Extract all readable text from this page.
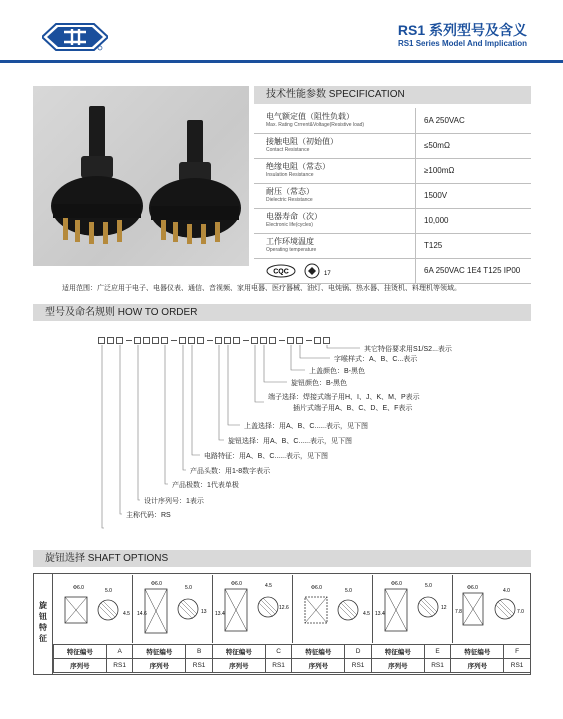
RS1 系列型号及含义
RS1 Series Model And Implication
技术性能参数 SPECIFICATION
电气额定值（阻性负载）
Max. Rating Crrrent&Voltage(Resistive load)	6A 250VAC

接触电阻（初始值）
Contact Resistance	≤50mΩ

绝缘电阻（常态）
Insulation Resistance	≥100mΩ

耐压（常态）
Dielectric Resistance	1500V

电器寿命（次）
Electronic life(cycles)	10,000

工作环境温度
Operating temperature	T125

CQC
17	6A 250VAC 1E4 T125 IP00
适用范围：广泛应用于电子、电器仪表、通信、音视频、家用电器、医疗器械、油灯、电炖锅、热水器、挂烫机、料理机等领域。
型号及命名规则 HOW TO ORDER
其它特俗要求用S1/S2...表示
字喉样式：A、B、C...表示
上盖颜色：B-黑色
旋钮颜色：B-黑色
端子选择：焊接式端子用H、I、J、K、M、P表示
插片式端子用A、B、C、D、E、F表示
上盖选择：用A、B、C......表示，见下图
旋钮选择：用A、B、C......表示，见下图
电路特征：用A、B、C......表示，见下图
产品头数：用1-8数字表示
产品极数：1代表单极
设计序列号：1表示
主称代码：RS
旋钮选择 SHAFT OPTIONS
旋钮特征
Φ6.0	5.0
4.5
Φ6.0
14.6
5.0
13
Φ6.0
13.4
4.5
12.6
Φ6.0	5.0
4.5
Φ6.0
13.4
5.0
12
Φ6.0
7.8
4.0
7.0
特征编号	A	特征编号	B	特征编号	C	特征编号	D	特征编号	E	特征编号	F
序列号	RS1	序列号	RS1	序列号	RS1	序列号	RS1	序列号	RS1	序列号	RS1
